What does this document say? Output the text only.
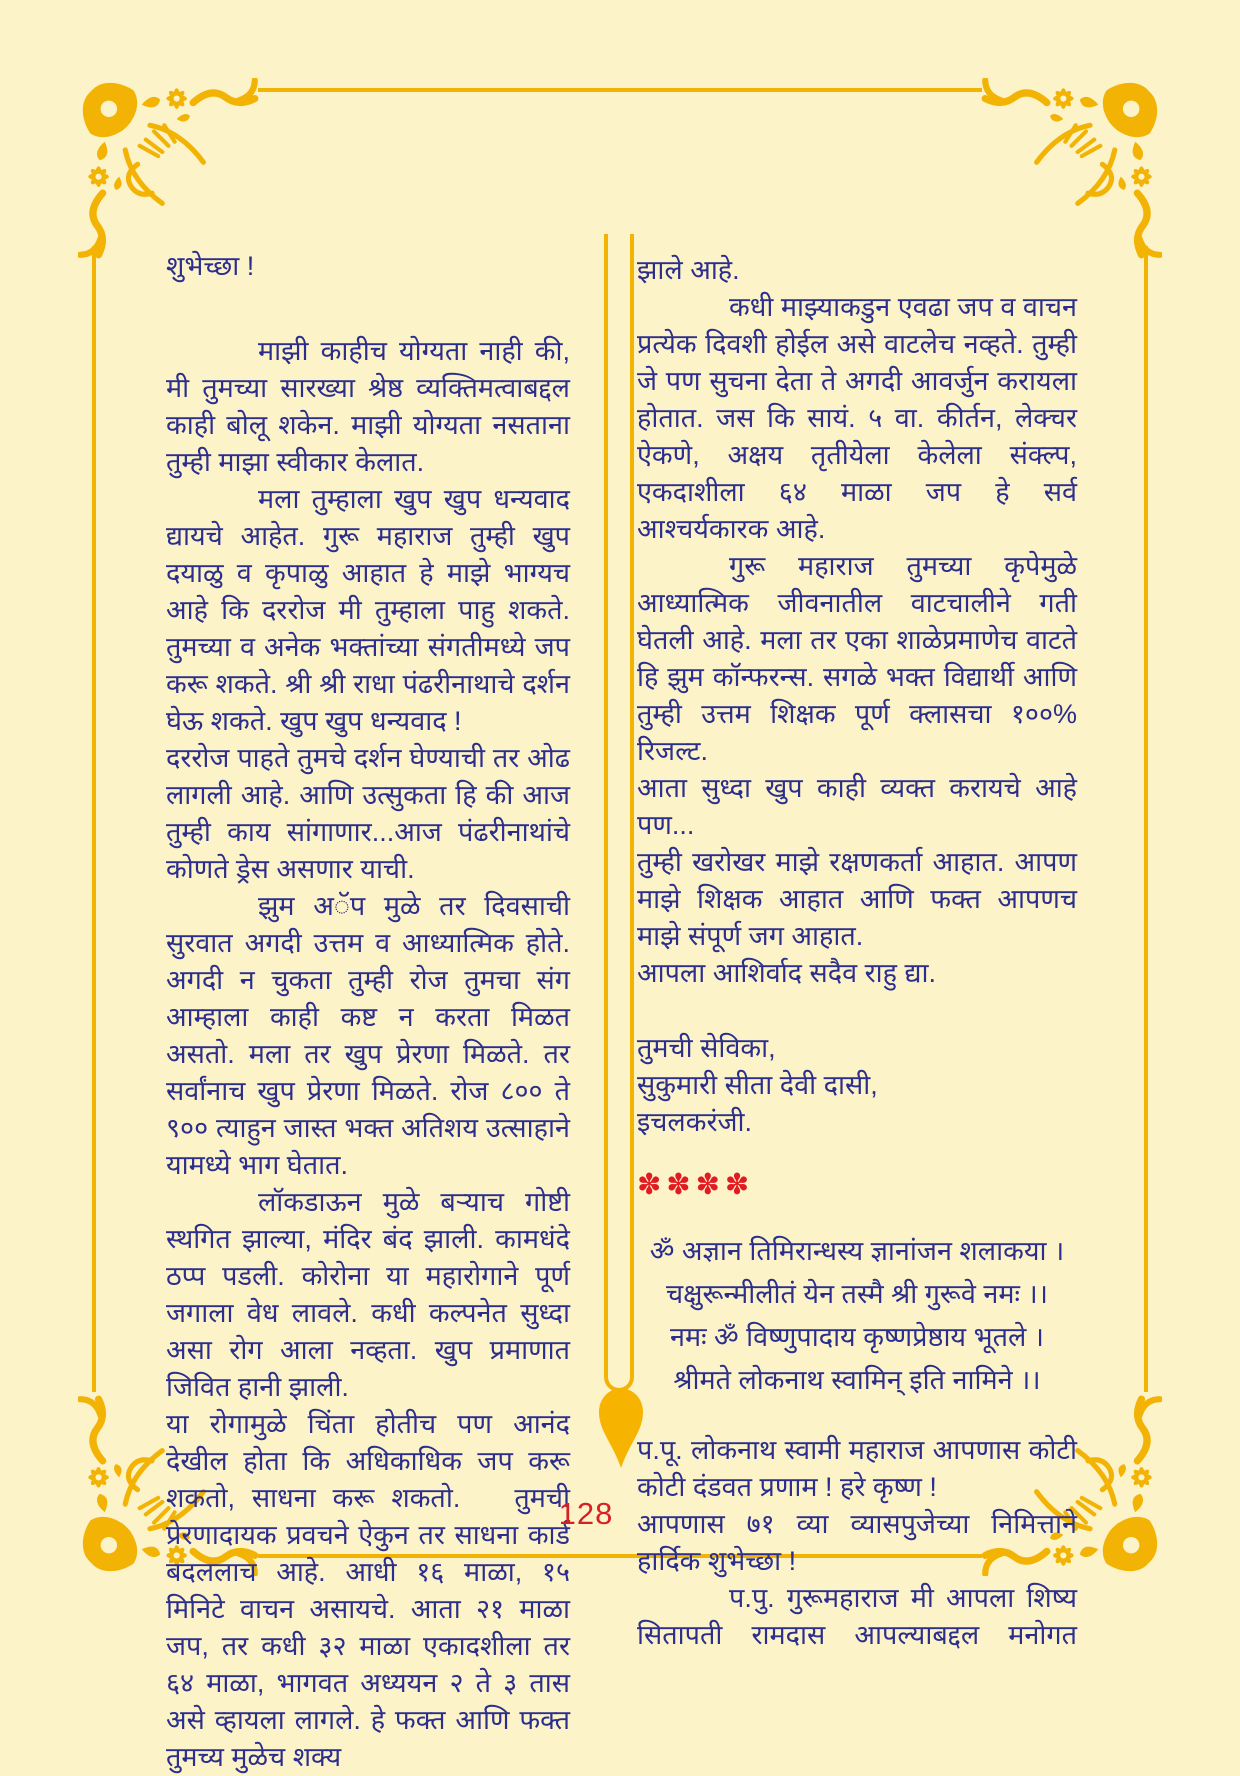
शुभेच्छा !

माझी काहीच योग्यता नाही की, मी तुमच्या सारख्या श्रेष्ठ व्यक्तिमत्वाबद्दल काही बोलू शकेन. माझी योग्यता नसताना तुम्ही माझा स्वीकार केलात.

मला तुम्हाला खुप खुप धन्यवाद द्यायचे आहेत. गुरू महाराज तुम्ही खुप दयाळु व कृपाळु आहात हे माझे भाग्यच आहे कि दररोज मी तुम्हाला पाहु शकते. तुमच्या व अनेक भक्तांच्या संगतीमध्ये जप करू शकते. श्री श्री राधा पंढरीनाथाचे दर्शन घेऊ शकते. खुप खुप धन्यवाद !

दररोज पाहते तुमचे दर्शन घेण्याची तर ओढ लागली आहे. आणि उत्सुकता हि की आज तुम्ही काय सांगाणार...आज पंढरीनाथांचे कोणते ड्रेस असणार याची.

झुम अॅप मुळे तर दिवसाची सुरवात अगदी उत्तम व आध्यात्मिक होते. अगदी न चुकता तुम्ही रोज तुमचा संग आम्हाला काही कष्ट न करता मिळत असतो. मला तर खुप प्रेरणा मिळते. तर सर्वांनाच खुप प्रेरणा मिळते. रोज ८०० ते ९०० त्याहुन जास्त भक्त अतिशय उत्साहाने यामध्ये भाग घेतात.

लॉकडाऊन मुळे बऱ्याच गोष्टी स्थगित झाल्या, मंदिर बंद झाली. कामधंदे ठप्प पडली. कोरोना या महारोगाने पूर्ण जगाला वेध लावले. कधी कल्पनेत सुध्दा असा रोग आला नव्हता. खुप प्रमाणात जिवित हानी झाली.

या रोगामुळे चिंता होतीच पण आनंद देखील होता कि अधिकाधिक जप करू शकतो, साधना करू शकतो.  तुमची प्रेरणादायक प्रवचने ऐकुन तर साधना कार्ड बदललाच आहे. आधी १६ माळा, १५ मिनिटे वाचन असायचे. आता २१ माळा जप, तर कधी ३२ माळा एकादशीला तर ६४ माळा, भागवत अध्ययन २ ते ३ तास असे व्हायला लागले. हे फक्त आणि फक्त तुमच्य मुळेच शक्य

झाले आहे.

कधी माझ्याकडुन एवढा जप व वाचन प्रत्येक दिवशी होईल असे वाटलेच नव्हते. तुम्ही जे पण सुचना देता ते अगदी आवर्जुन करायला होतात. जस कि सायं. ५ वा. कीर्तन, लेक्चर ऐकणे, अक्षय तृतीयेला केलेला संक्ल्प, एकदाशीला ६४ माळा जप हे सर्व आश्चर्यकारक आहे.

गुरू महाराज तुमच्या कृपेमुळे आध्यात्मिक जीवनातील वाटचालीने गती घेतली आहे. मला तर एका शाळेप्रमाणेच वाटते हि झुम कॉन्फरन्स. सगळे भक्त विद्यार्थी आणि तुम्ही उत्तम शिक्षक पूर्ण क्लासचा १००% रिजल्ट.

आता सुध्दा खुप काही व्यक्त करायचे आहे पण...

तुम्ही खरोखर माझे रक्षणकर्ता आहात. आपण माझे शिक्षक आहात आणि फक्त आपणच माझे संपूर्ण जग आहात.

आपला आशिर्वाद सदैव राहु द्या.

तुमची सेविका,

सुकुमारी सीता देवी दासी,

इचलकरंजी.

✽✽✽✽

ॐ अज्ञान तिमिरान्धस्य ज्ञानांजन शलाकया ।

चक्षुरून्मीलीतं येन तस्मै श्री गुरूवे नमः ।।

नमः ॐ विष्णुपादाय कृष्णप्रेष्ठाय भूतले ।

श्रीमते लोकनाथ स्वामिन् इति नामिने ।।

प.पू. लोकनाथ स्वामी महाराज आपणास कोटी कोटी दंडवत प्रणाम ! हरे कृष्ण !

आपणास ७१ व्या व्यासपुजेच्या निमित्ताने हार्दिक शुभेच्छा !

प.पु. गुरूमहाराज मी आपला शिष्य सितापती रामदास आपल्याबद्दल मनोगत

128
